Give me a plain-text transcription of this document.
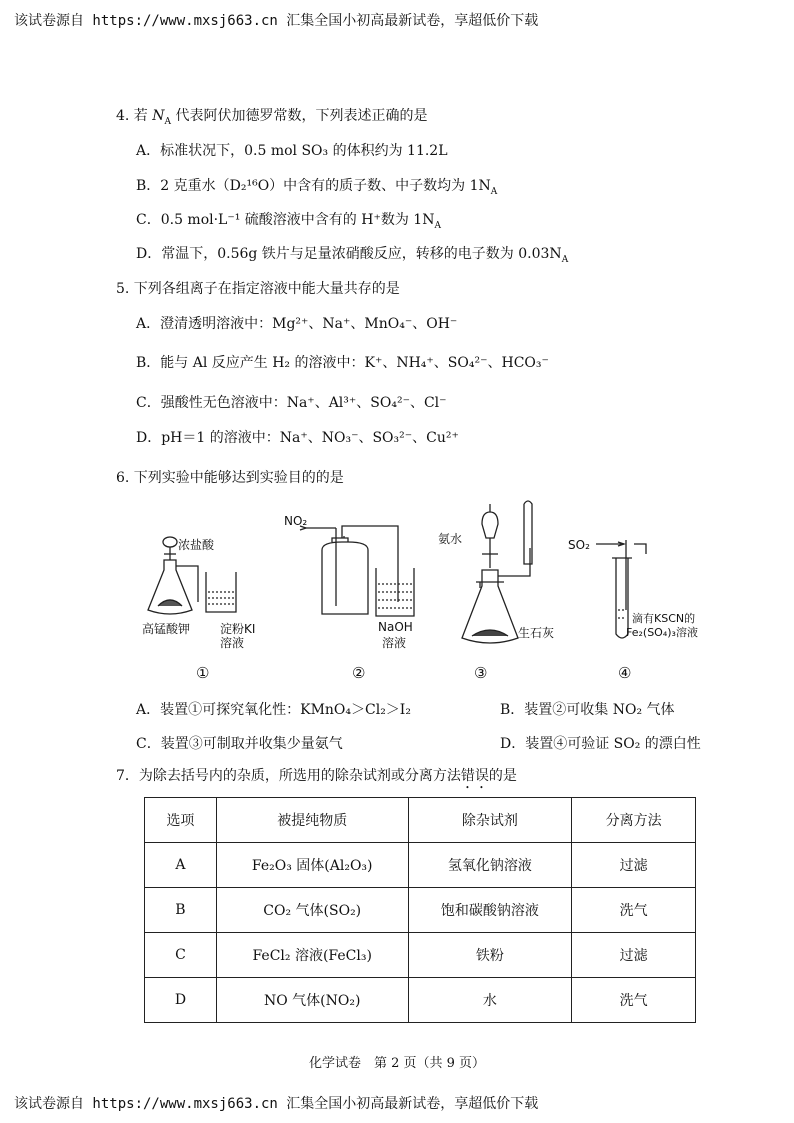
该试卷源自 https://www.mxsj663.cn 汇集全国小初高最新试卷，享超低价下载
4. 若 $N_A$ 代表阿伏加德罗常数，下列表述正确的是
A．标准状况下，0.5 mol SO₃ 的体积约为 11.2L
B．2 克重水（D₂¹⁶O）中含有的质子数、中子数均为 $1N_A$
C．0.5 mol·L⁻¹ 硫酸溶液中含有的 H⁺数为 $1N_A$
D．常温下，0.56g 铁片与足量浓硝酸反应，转移的电子数为 $0.03N_A$
5. 下列各组离子在指定溶液中能大量共存的是
A．澄清透明溶液中：Mg²⁺、Na⁺、MnO₄⁻、OH⁻
B．能与 Al 反应产生 H₂ 的溶液中：K⁺、NH₄⁺、SO₄²⁻、HCO₃⁻
C．强酸性无色溶液中：Na⁺、Al³⁺、SO₄²⁻、Cl⁻
D．pH＝1 的溶液中：Na⁺、NO₃⁻、SO₃²⁻、Cu²⁺
6. 下列实验中能够达到实验目的的是
浓盐酸
高锰酸钾 淀粉KI
溶液
NO₂
NaOH
溶液
氨水
生石灰
SO₂
滴有KSCN的
Fe₂(SO₄)₃溶液
①	②	③	④
A．装置①可探究氧化性：KMnO₄＞Cl₂＞I₂	B．装置②可收集 NO₂ 气体
C．装置③可制取并收集少量氨气	D．装置④可验证 SO₂ 的漂白性
7．为除去括号内的杂质，所选用的除杂试剂或分离方法错误的是
选项	被提纯物质	除杂试剂	分离方法
A	Fe₂O₃ 固体(Al₂O₃)	氢氧化钠溶液	过滤
B	CO₂ 气体(SO₂)	饱和碳酸钠溶液	洗气
C	FeCl₂ 溶液(FeCl₃)	铁粉	过滤
D	NO 气体(NO₂)	水	洗气
化学试卷　第 2 页（共 9 页）
该试卷源自 https://www.mxsj663.cn 汇集全国小初高最新试卷，享超低价下载
